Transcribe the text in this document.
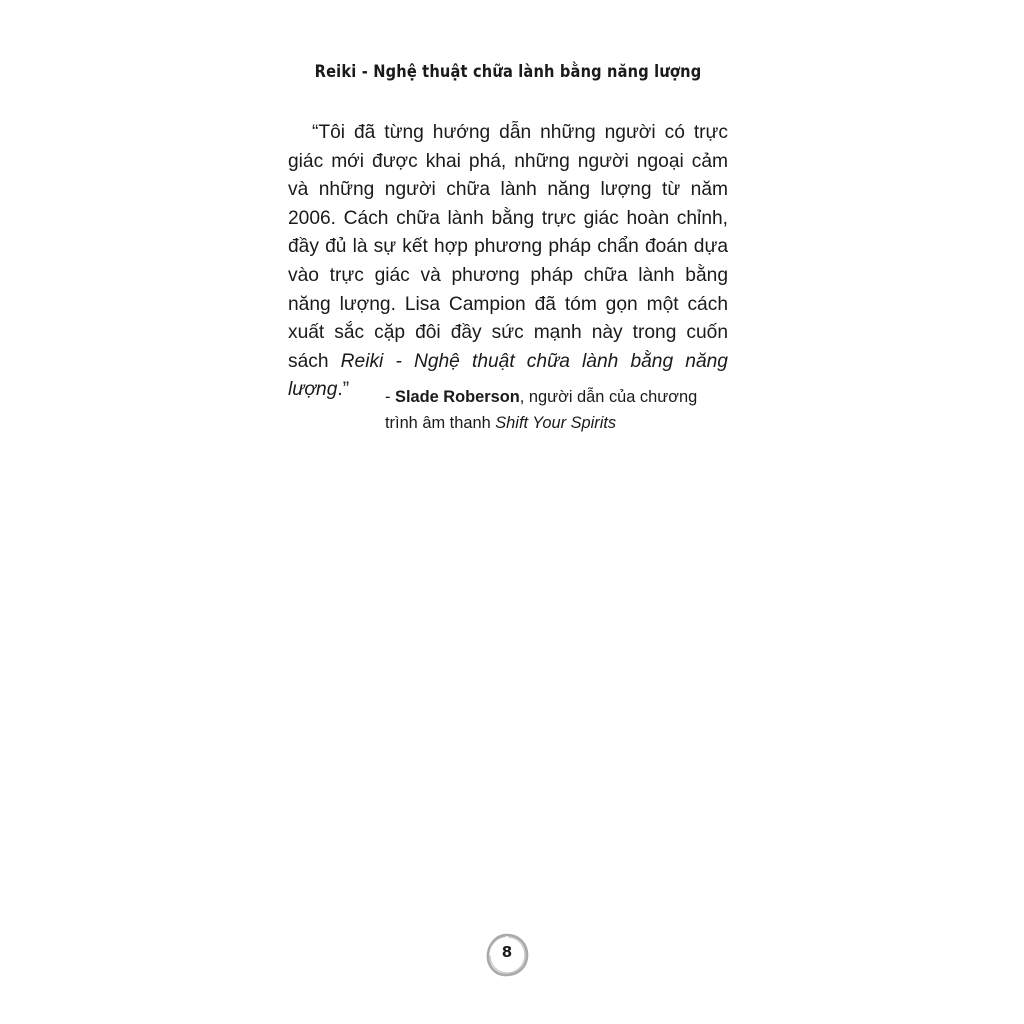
Reiki - Nghệ thuật chữa lành bằng năng lượng

“Tôi đã từng hướng dẫn những người có trực giác mới được khai phá, những người ngoại cảm và những người chữa lành năng lượng từ năm 2006. Cách chữa lành bằng trực giác hoàn chỉnh, đầy đủ là sự kết hợp phương pháp chẩn đoán dựa vào trực giác và phương pháp chữa lành bằng năng lượng. Lisa Campion đã tóm gọn một cách xuất sắc cặp đôi đầy sức mạnh này trong cuốn sách Reiki - Nghệ thuật chữa lành bằng năng lượng.”	- Slade Roberson, người dẫn của chương trình âm thanh Shift Your Spirits

8
